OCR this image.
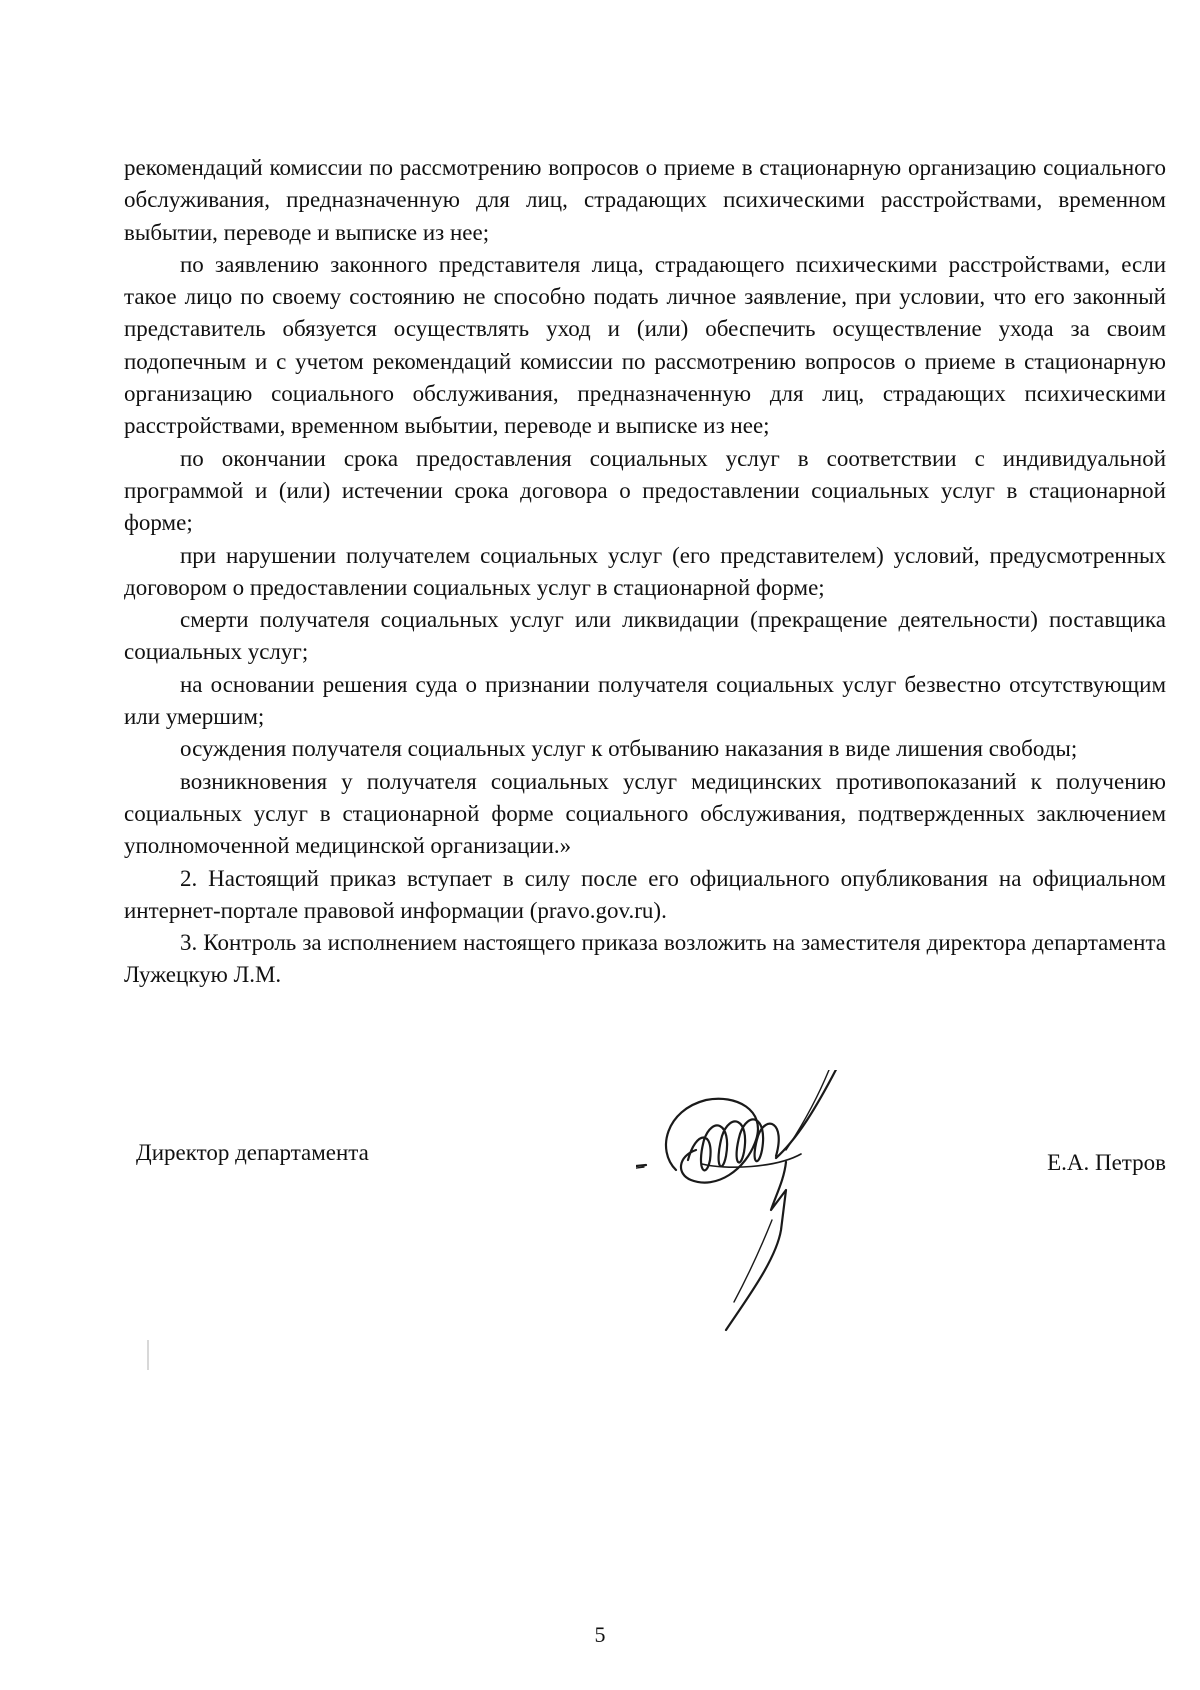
рекомендаций комиссии по рассмотрению вопросов о приеме в стационарную организацию социального обслуживания, предназначенную для лиц, страдающих психическими расстройствами, временном выбытии, переводе и выписке из нее;

по заявлению законного представителя лица, страдающего психическими расстройствами, если такое лицо по своему состоянию не способно подать личное заявление, при условии, что его законный представитель обязуется осуществлять уход и (или) обеспечить осуществление ухода за своим подопечным и с учетом рекомендаций комиссии по рассмотрению вопросов о приеме в стационарную организацию социального обслуживания, предназначенную для лиц, страдающих психическими расстройствами, временном выбытии, переводе и выписке из нее;

по окончании срока предоставления социальных услуг в соответствии с индивидуальной программой и (или) истечении срока договора о предоставлении социальных услуг в стационарной форме;

при нарушении получателем социальных услуг (его представителем) условий, предусмотренных договором о предоставлении социальных услуг в стационарной форме;

смерти получателя социальных услуг или ликвидации (прекращение деятельности) поставщика социальных услуг;

на основании решения суда о признании получателя социальных услуг безвестно отсутствующим или умершим;

осуждения получателя социальных услуг к отбыванию наказания в виде лишения свободы;

возникновения у получателя социальных услуг медицинских противопоказаний к получению социальных услуг в стационарной форме социального обслуживания, подтвержденных заключением уполномоченной медицинской организации.»

2. Настоящий приказ вступает в силу после его официального опубликования на официальном интернет-портале правовой информации (pravo.gov.ru).

3. Контроль за исполнением настоящего приказа возложить на заместителя директора департамента Лужецкую Л.М.

Директор департамента	Е.А. Петров
5
